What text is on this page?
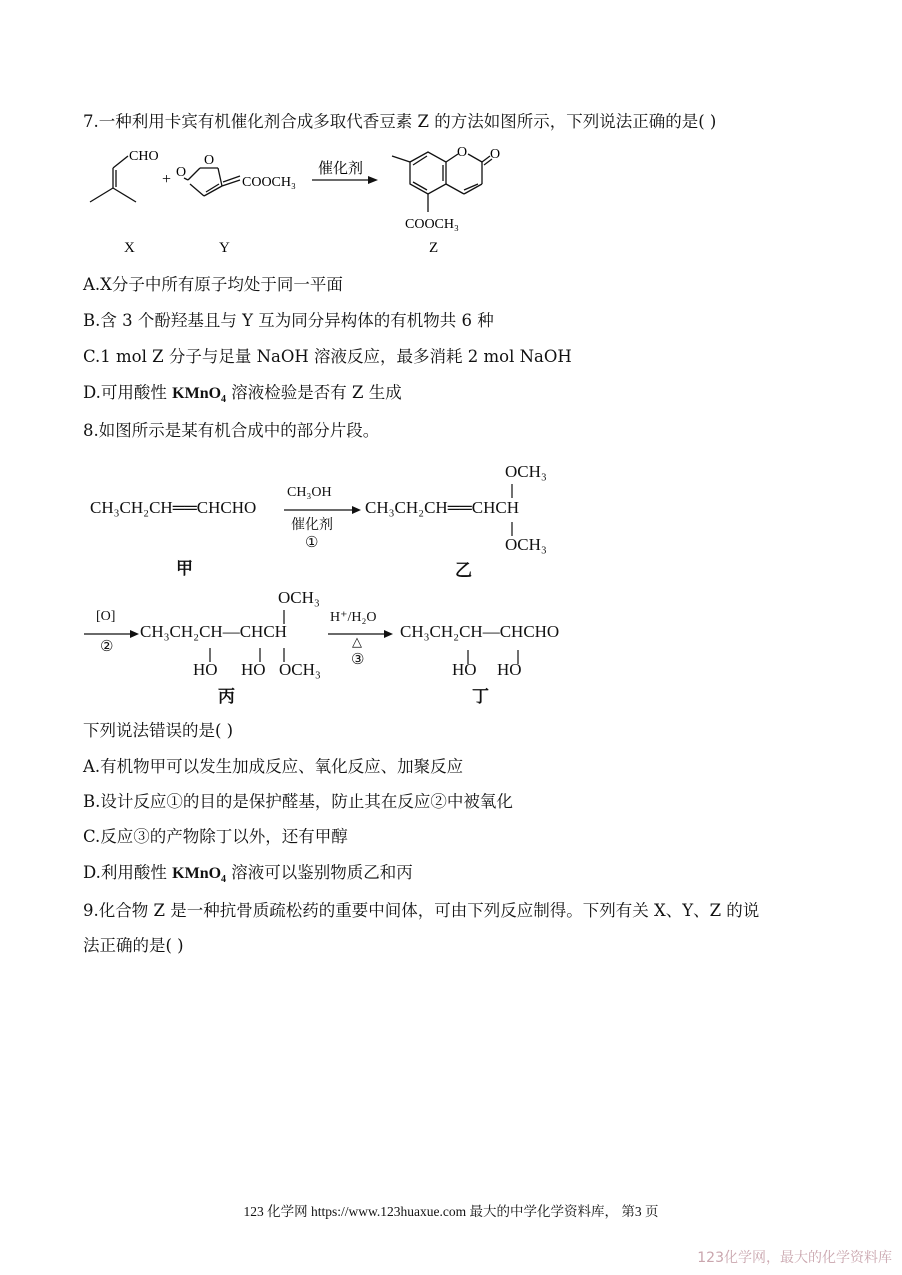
7.一种利用卡宾有机催化剂合成多取代香豆素 Z 的方法如图所示，下列说法正确的是( )
CHO
+ O
O
COOCH₃
催化剂
O O
COOCH₃
X	Y	Z
A.X分子中所有原子均处于同一平面
B.含 3 个酚羟基且与 Y 互为同分异构体的有机物共 6 种
C.1 mol Z 分子与足量 NaOH 溶液反应，最多消耗 2 mol NaOH
D.可用酸性 KMnO$_4$ 溶液检验是否有 Z 生成
8.如图所示是某有机合成中的部分片段。
CH₃CH₂CH══CHCHO
CH₃OH
催化剂
①
CH₃CH₂CH══CHCH
OCH₃
OCH₃
甲	乙
[O]
②
CH₃CH₂CH—CHCH
OCH₃
HO HO OCH₃
H⁺/H₂O
△
③
CH₃CH₂CH—CHCHO
HO HO
丙	丁
下列说法错误的是( )
A.有机物甲可以发生加成反应、氧化反应、加聚反应
B.设计反应①的目的是保护醛基，防止其在反应②中被氧化
C.反应③的产物除丁以外，还有甲醇
D.利用酸性 KMnO$_4$ 溶液可以鉴别物质乙和丙
9.化合物 Z 是一种抗骨质疏松药的重要中间体，可由下列反应制得。下列有关 X、Y、Z 的说
法正确的是( )
123 化学网 https://www.123huaxue.com 最大的中学化学资料库， 第3 页
123化学网，最大的化学资料库
